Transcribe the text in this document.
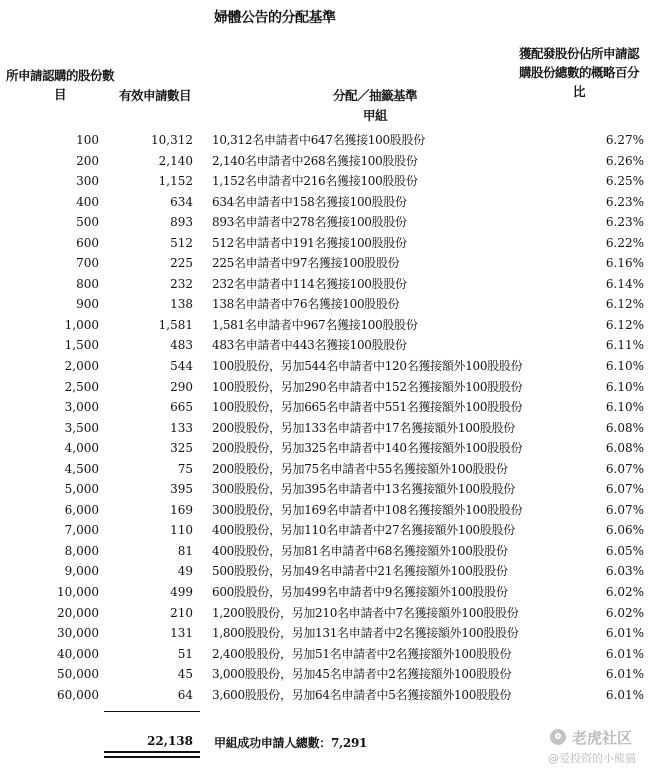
婦體公告的分配基準
所申請認購的股份數目	有效申請數目	分配／抽籤基準
甲組
獲配發股份佔所申請認購股份總數的概略百分比
100	10,312 10,312名申請者中647名獲接100股股份	6.27%
200	2,140 2,140名申請者中268名獲接100股股份	6.26%
300	1,152 1,152名申請者中216名獲接100股股份	6.25%
400	634 634名申請者中158名獲接100股股份	6.23%
500	893 893名申請者中278名獲接100股股份	6.23%
600	512 512名申請者中191名獲接100股股份	6.22%
700	225 225名申請者中97名獲接100股股份	6.16%
800	232 232名申請者中114名獲接100股股份	6.14%
900	138 138名申請者中76名獲接100股股份	6.12%
1,000	1,581 1,581名申請者中967名獲接100股股份	6.12%
1,500	483 483名申請者中443名獲接100股股份	6.11%
2,000	544 100股股份，另加544名申請者中120名獲接額外100股股份	6.10%
2,500	290 100股股份，另加290名申請者中152名獲接額外100股股份	6.10%
3,000	665 100股股份，另加665名申請者中551名獲接額外100股股份	6.10%
3,500	133 200股股份，另加133名申請者中17名獲接額外100股股份	6.08%
4,000	325 200股股份，另加325名申請者中140名獲接額外100股股份	6.08%
4,500	75 200股股份，另加75名申請者中55名獲接額外100股股份	6.07%
5,000	395 300股股份，另加395名申請者中13名獲接額外100股股份	6.07%
6,000	169 300股股份，另加169名申請者中108名獲接額外100股股份	6.07%
7,000	110 400股股份，另加110名申請者中27名獲接額外100股股份	6.06%
8,000	81 400股股份，另加81名申請者中68名獲接額外100股股份	6.05%
9,000	49 500股股份，另加49名申請者中21名獲接額外100股股份	6.03%
10,000	499 600股股份，另加499名申請者中9名獲接額外100股股份	6.02%
20,000	210 1,200股股份，另加210名申請者中7名獲接額外100股股份	6.02%
30,000	131 1,800股股份，另加131名申請者中2名獲接額外100股股份	6.01%
40,000	51 2,400股股份，另加51名申請者中2名獲接額外100股股份	6.01%
50,000	45 3,000股股份，另加45名申請者中2名獲接額外100股股份	6.01%
60,000	64 3,600股股份，另加64名申請者中5名獲接額外100股股份	6.01%
22,138 甲組成功申請人總數：7,291	老虎社区
@爱投资的小熊猫
